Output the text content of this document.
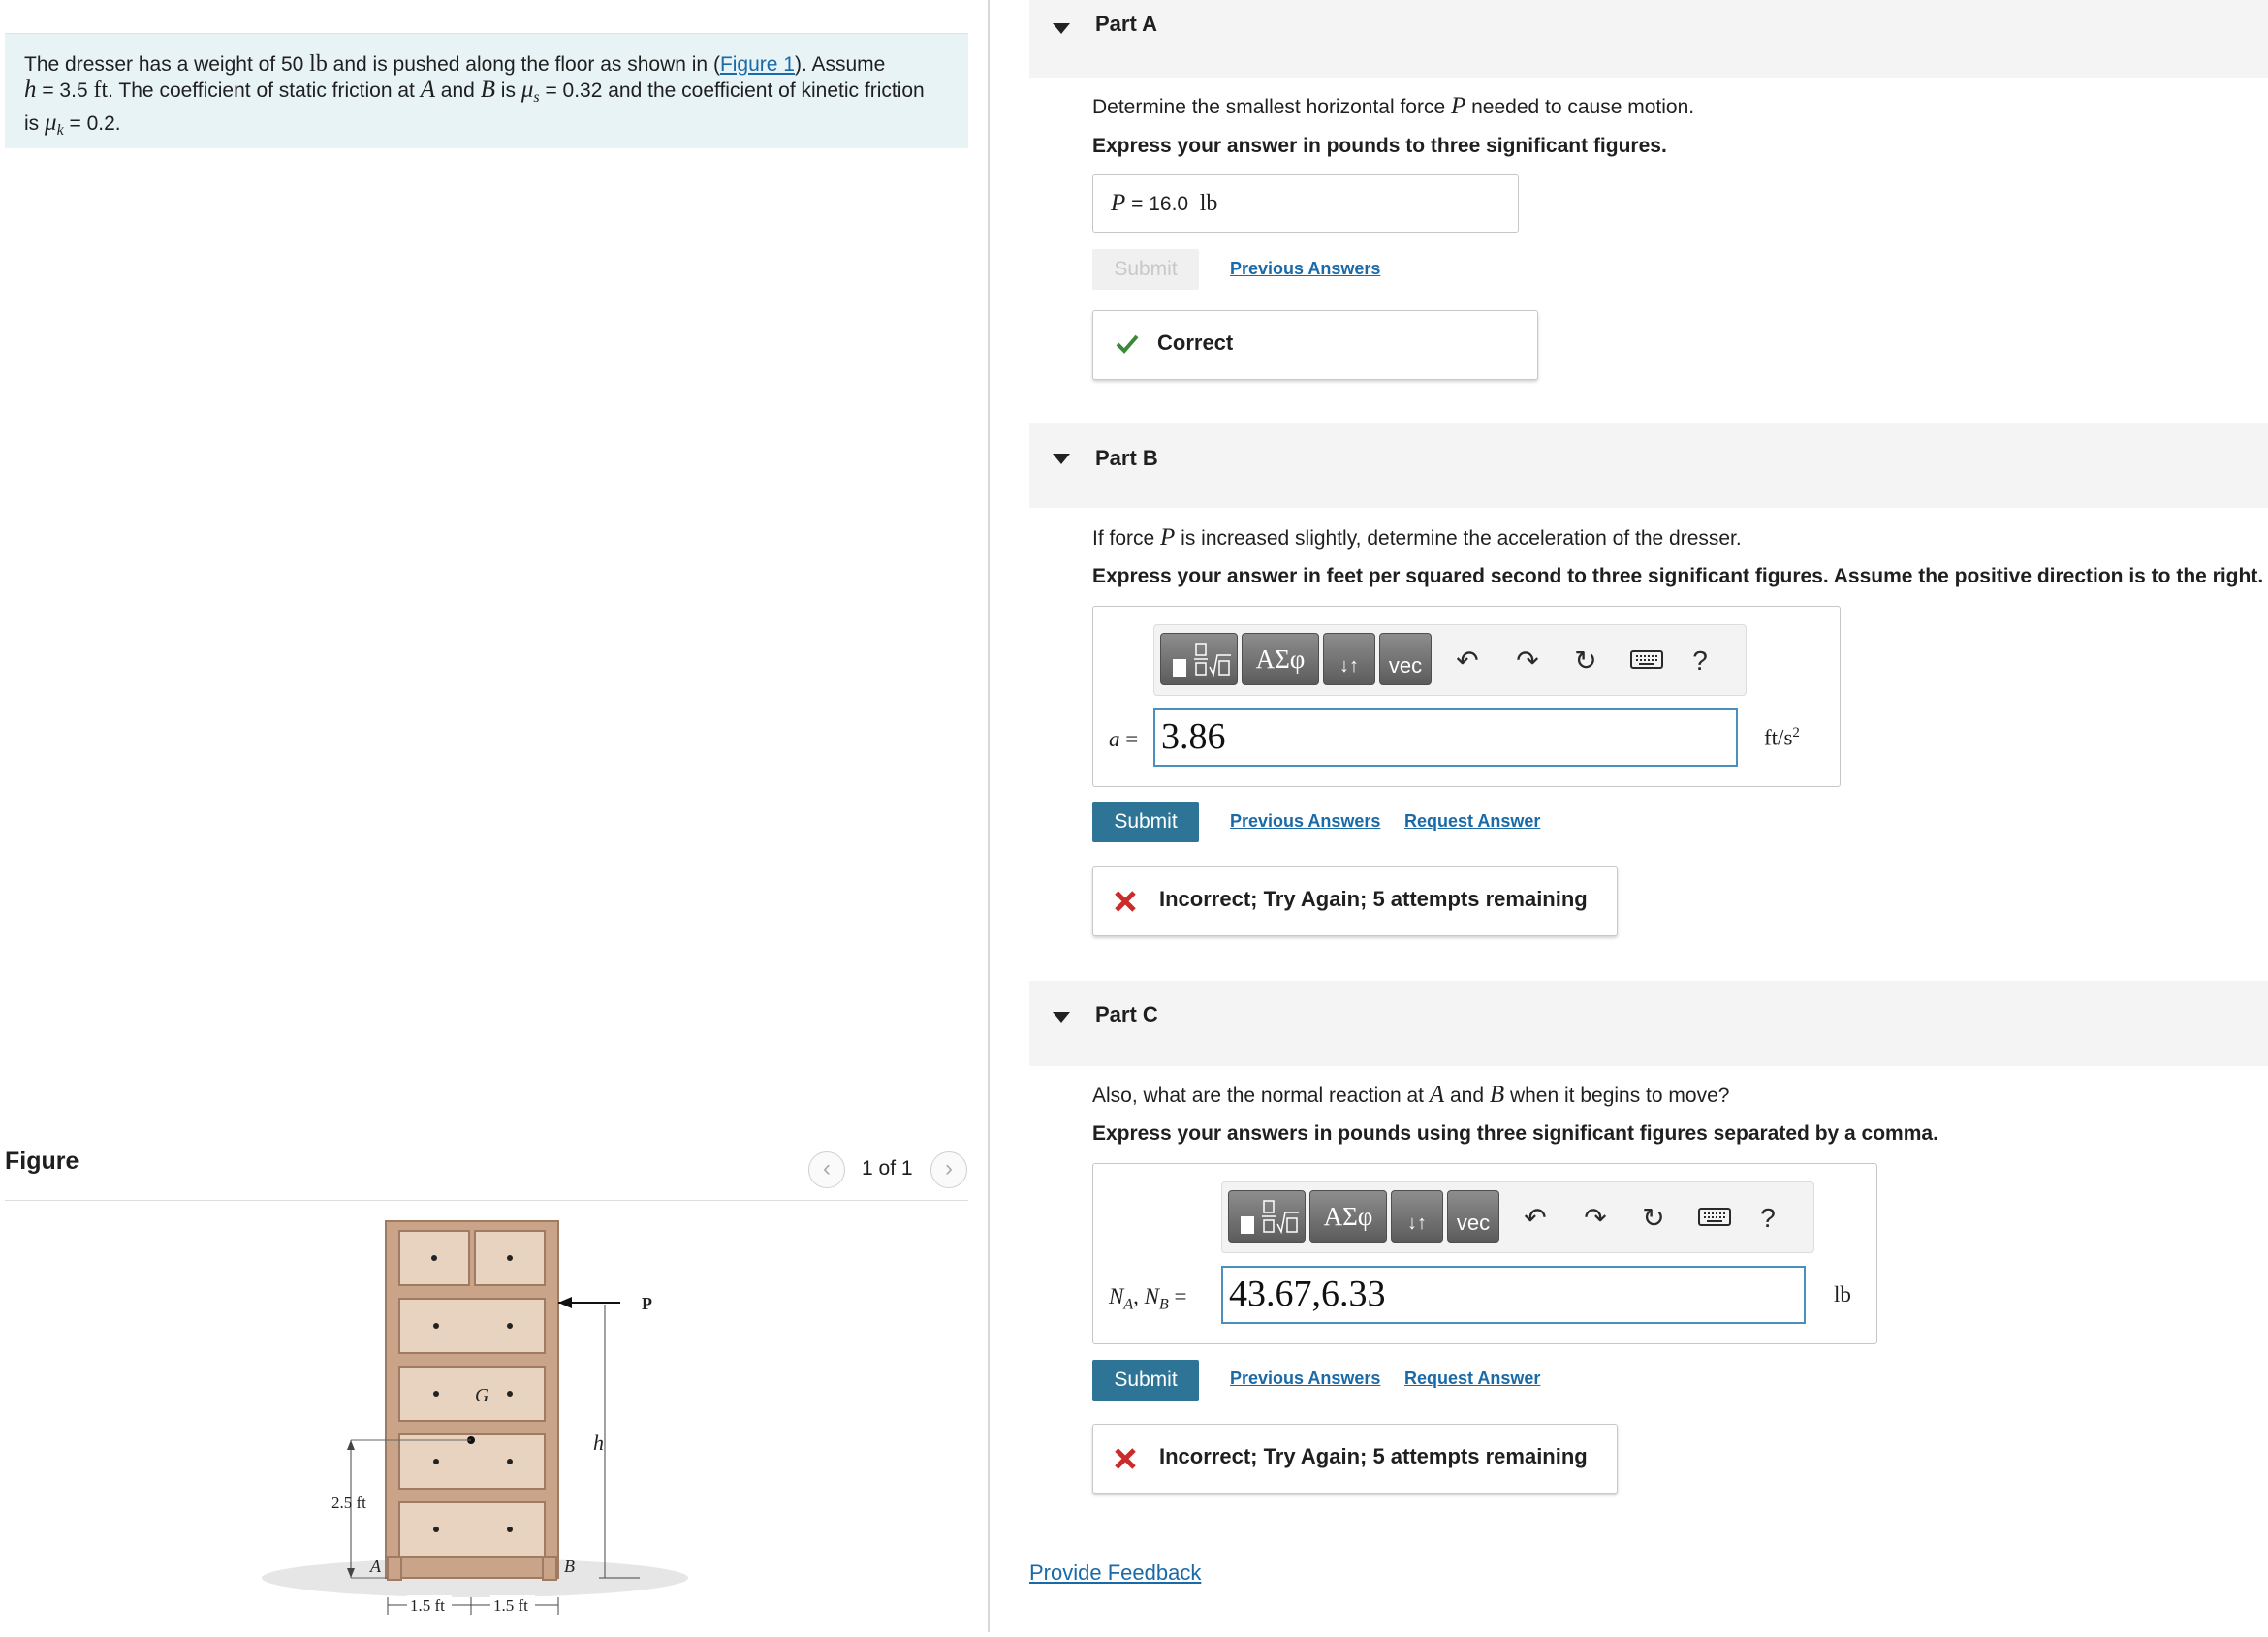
The dresser has a weight of 50 lb and is pushed along the floor as shown in (Figure 1). Assume
h = 3.5 ft. The coefficient of static friction at A and B is $\mu_s = 0.32$ and the coefficient of kinetic friction
is $\mu_k = 0.2$.
Figure	‹	1 of 1	›
G
P
h
2.5 ft
A	B
1.5 ft	1.5 ft
Part A
Determine the smallest horizontal force P needed to cause motion.
Express your answer in pounds to three significant figures.
P = 16.0 lb
Submit	Previous Answers
Correct
Part B
If force P is increased slightly, determine the acceleration of the dresser.
Express your answer in feet per squared second to three significant figures. Assume the positive direction is to the right.
ΑΣφ	↓↑	vec	↶ ↷ ↻	?
a = 3.86	$ft/s^2$
Submit	Previous Answers Request Answer
Incorrect; Try Again; 5 attempts remaining
Part C
Also, what are the normal reaction at A and B when it begins to move?
Express your answers in pounds using three significant figures separated by a comma.
ΑΣφ	↓↑	vec	↶ ↷ ↻	?
$N_A$, $N_B = 43.67,6.33$	lb
Submit	Previous Answers Request Answer
Incorrect; Try Again; 5 attempts remaining
Provide Feedback
